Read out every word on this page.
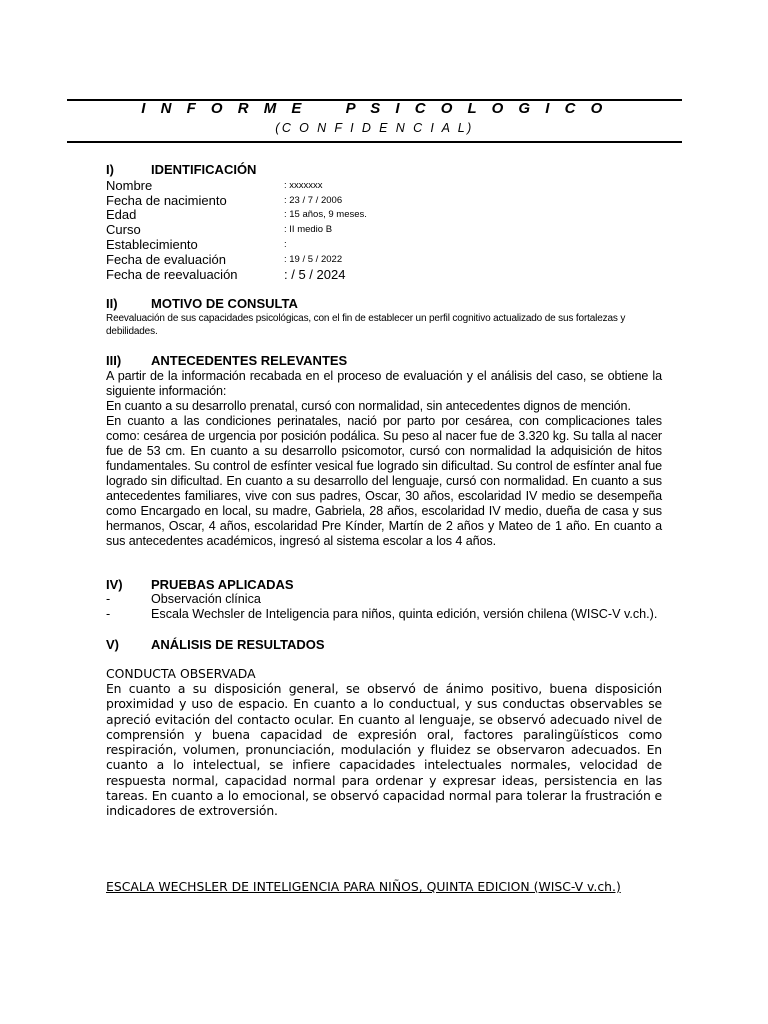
I N F O R M E    P S I C O L O G I C O
(C O N F I D E N C I A L)
I)	IDENTIFICACIÓN
Nombre	: xxxxxxx
Fecha de nacimiento	: 23 / 7 / 2006
Edad	: 15 años, 9 meses.
Curso	: II medio B
Establecimiento	:
Fecha de evaluación	: 19 / 5 / 2022
Fecha de reevaluación	: / 5 / 2024
II)	MOTIVO DE CONSULTA
Reevaluación de sus capacidades psicológicas, con el fin de establecer un perfil cognitivo actualizado de sus fortalezas y debilidades.
III) ANTECEDENTES RELEVANTES
A partir de la información recabada en el proceso de evaluación y el análisis del caso, se obtiene la siguiente información:
En cuanto a su desarrollo prenatal, cursó con normalidad, sin antecedentes dignos de mención.
En cuanto a las condiciones perinatales, nació por parto por cesárea, con complicaciones tales como: cesárea de urgencia por posición podálica. Su peso al nacer fue de 3.320 kg. Su talla al nacer fue de 53 cm. En cuanto a su desarrollo psicomotor, cursó con normalidad la adquisición de hitos fundamentales. Su control de esfínter vesical fue logrado sin dificultad. Su control de esfínter anal fue logrado sin dificultad. En cuanto a su desarrollo del lenguaje, cursó con normalidad. En cuanto a sus antecedentes familiares, vive con sus padres, Oscar, 30 años, escolaridad IV medio se desempeña como Encargado en local, su madre, Gabriela, 28 años, escolaridad IV medio, dueña de casa y sus hermanos, Oscar, 4 años, escolaridad Pre Kínder, Martín de 2 años y Mateo de 1 año. En cuanto a sus antecedentes académicos, ingresó al sistema escolar a los 4 años.
IV) PRUEBAS APLICADAS
-	Observación clínica
-	Escala Wechsler de Inteligencia para niños, quinta edición, versión chilena (WISC-V v.ch.).
V) ANÁLISIS DE RESULTADOS
CONDUCTA OBSERVADA
En cuanto a su disposición general, se observó de ánimo positivo, buena disposición proximidad y uso de espacio. En cuanto a lo conductual, y sus conductas observables se apreció evitación del contacto ocular. En cuanto al lenguaje, se observó adecuado nivel de comprensión y buena capacidad de expresión oral, factores paralingüísticos como respiración, volumen, pronunciación, modulación y fluidez se observaron adecuados. En cuanto a lo intelectual, se infiere capacidades intelectuales normales, velocidad de respuesta normal, capacidad normal para ordenar y expresar ideas, persistencia en las tareas. En cuanto a lo emocional, se observó capacidad normal para tolerar la frustración e indicadores de extroversión.
ESCALA WECHSLER DE INTELIGENCIA PARA NIÑOS, QUINTA EDICION (WISC-V v.ch.)
